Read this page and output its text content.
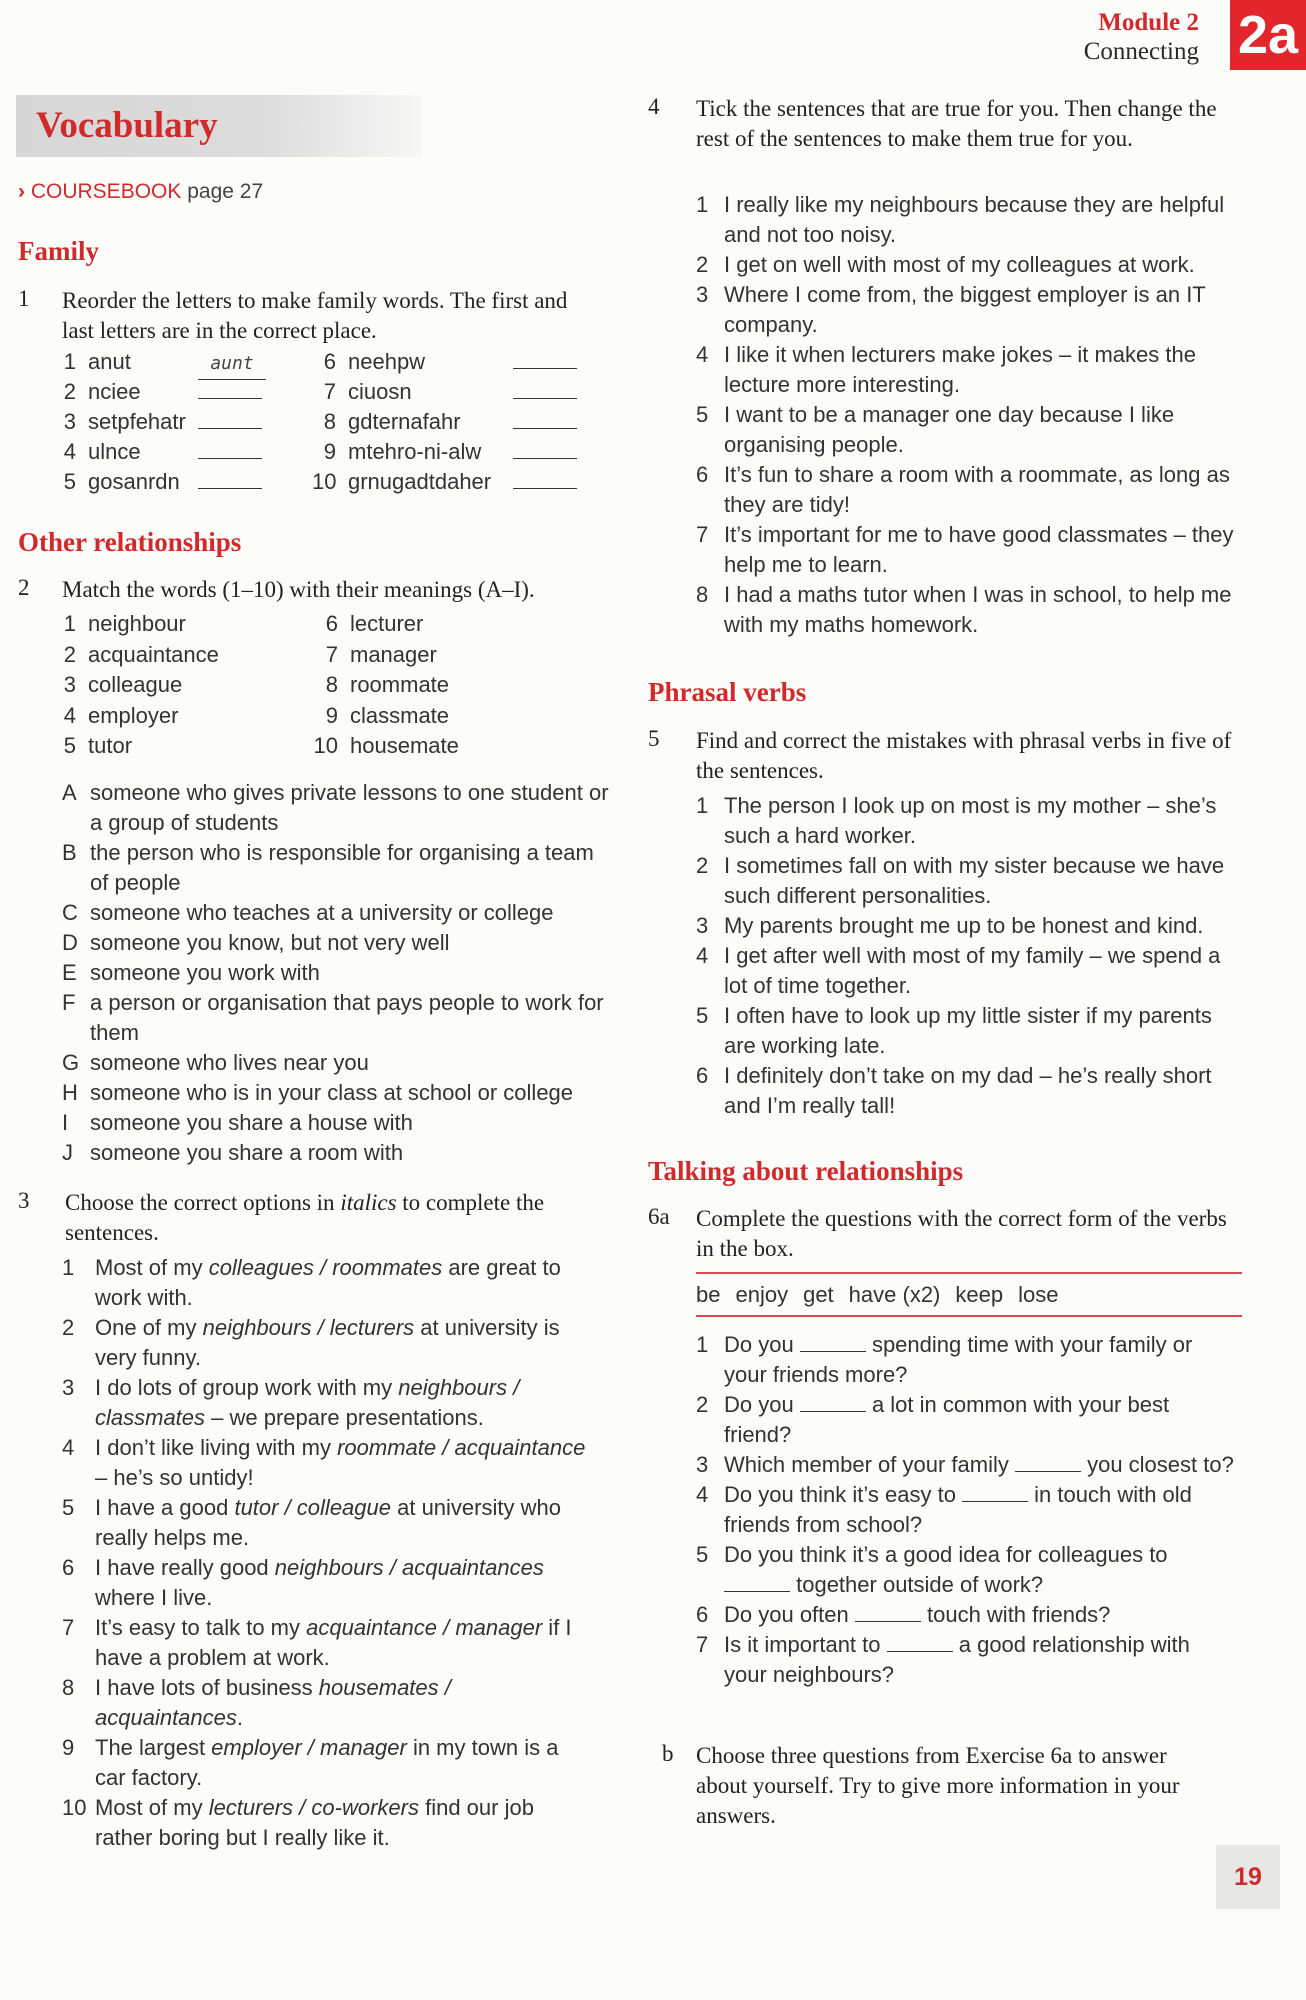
Module 2
Connecting 2a
Vocabulary
› COURSEBOOK page 27
Family
1 Reorder the letters to make family words. The first and last letters are in the correct place.
1 anut	aunt
2 nciee
3 setpfehatr
4 ulnce
5 gosanrdn
6 neehpw
7 ciuosn
8 gdternafahr
9 mtehro-ni-alw
10 grnugadtdaher
Other relationships
2 Match the words (1–10) with their meanings (A–I).
1 neighbour
2 acquaintance
3 colleague
4 employer
5 tutor
6 lecturer
7 manager
8 roommate
9 classmate
10 housemate
A someone who gives private lessons to one student or a group of students
B the person who is responsible for organising a team of people
C someone who teaches at a university or college
D someone you know, but not very well
E someone you work with
F a person or organisation that pays people to work for them
G someone who lives near you
H someone who is in your class at school or college
I someone you share a house with
J someone you share a room with
3 Choose the correct options in italics to complete the sentences.
1 Most of my colleagues / roommates are great to work with.
2 One of my neighbours / lecturers at university is very funny.
3 I do lots of group work with my neighbours / classmates – we prepare presentations.
4 I don’t like living with my roommate / acquaintance – he’s so untidy!
5 I have a good tutor / colleague at university who really helps me.
6 I have really good neighbours / acquaintances where I live.
7 It’s easy to talk to my acquaintance / manager if I have a problem at work.
8 I have lots of business housemates / acquaintances.
9 The largest employer / manager in my town is a car factory.
10 Most of my lecturers / co-workers find our job rather boring but I really like it.
4 Tick the sentences that are true for you. Then change the rest of the sentences to make them true for you.
1 I really like my neighbours because they are helpful and not too noisy.
2 I get on well with most of my colleagues at work.
3 Where I come from, the biggest employer is an IT company.
4 I like it when lecturers make jokes – it makes the lecture more interesting.
5 I want to be a manager one day because I like organising people.
6 It’s fun to share a room with a roommate, as long as they are tidy!
7 It’s important for me to have good classmates – they help me to learn.
8 I had a maths tutor when I was in school, to help me with my maths homework.
Phrasal verbs
5 Find and correct the mistakes with phrasal verbs in five of the sentences.
1 The person I look up on most is my mother – she’s such a hard worker.
2 I sometimes fall on with my sister because we have such different personalities.
3 My parents brought me up to be honest and kind.
4 I get after well with most of my family – we spend a lot of time together.
5 I often have to look up my little sister if my parents are working late.
6 I definitely don’t take on my dad – he’s really short and I’m really tall!
Talking about relationships
6a Complete the questions with the correct form of the verbs in the box.
be enjoy get have (x2) keep lose
1 Do you	spending time with your family or your friends more?
2 Do you	a lot in common with your best friend?
3 Which member of your family	you closest to?
4 Do you think it’s easy to	in touch with old friends from school?
5 Do you think it’s a good idea for colleagues to  together outside of work?
6 Do you often	touch with friends?
7 Is it important to	a good relationship with your neighbours?
b Choose three questions from Exercise 6a to answer about yourself. Try to give more information in your answers.
19
